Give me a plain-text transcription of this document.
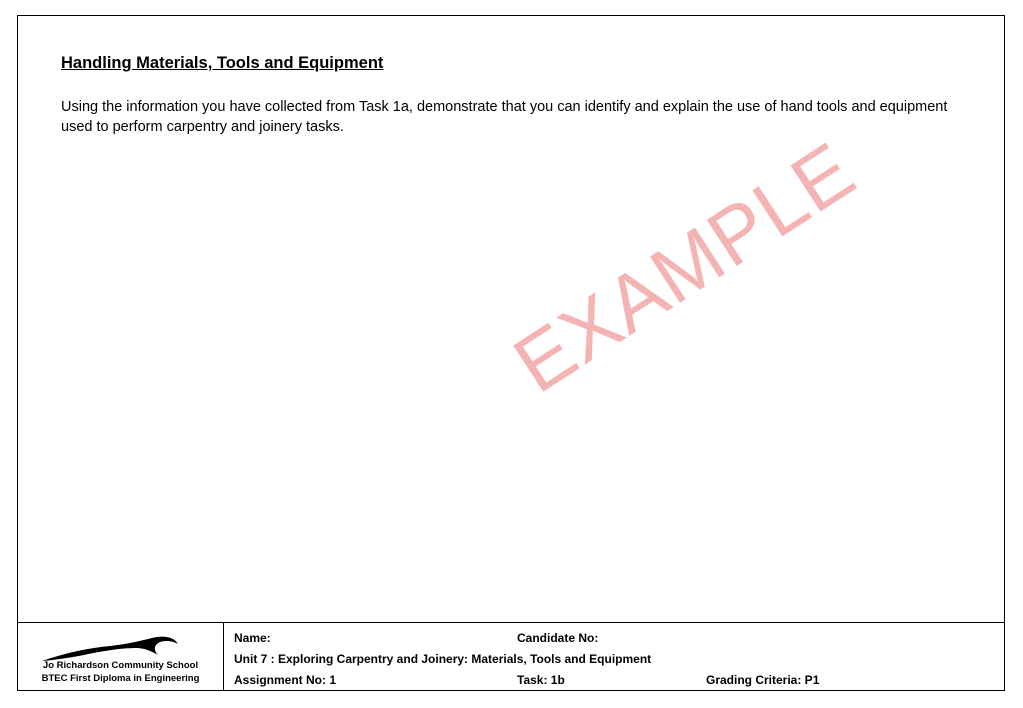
Handling Materials, Tools and Equipment

Using the information you have collected from Task 1a, demonstrate that you can identify and explain the use of hand tools and equipment used to perform carpentry and joinery tasks.	EXAMPLE
Jo Richardson Community School
BTEC First Diploma in Engineering
Name:	Candidate No:
Unit 7 : Exploring Carpentry and Joinery: Materials, Tools and Equipment
Assignment No: 1	Task: 1b	Grading Criteria: P1
